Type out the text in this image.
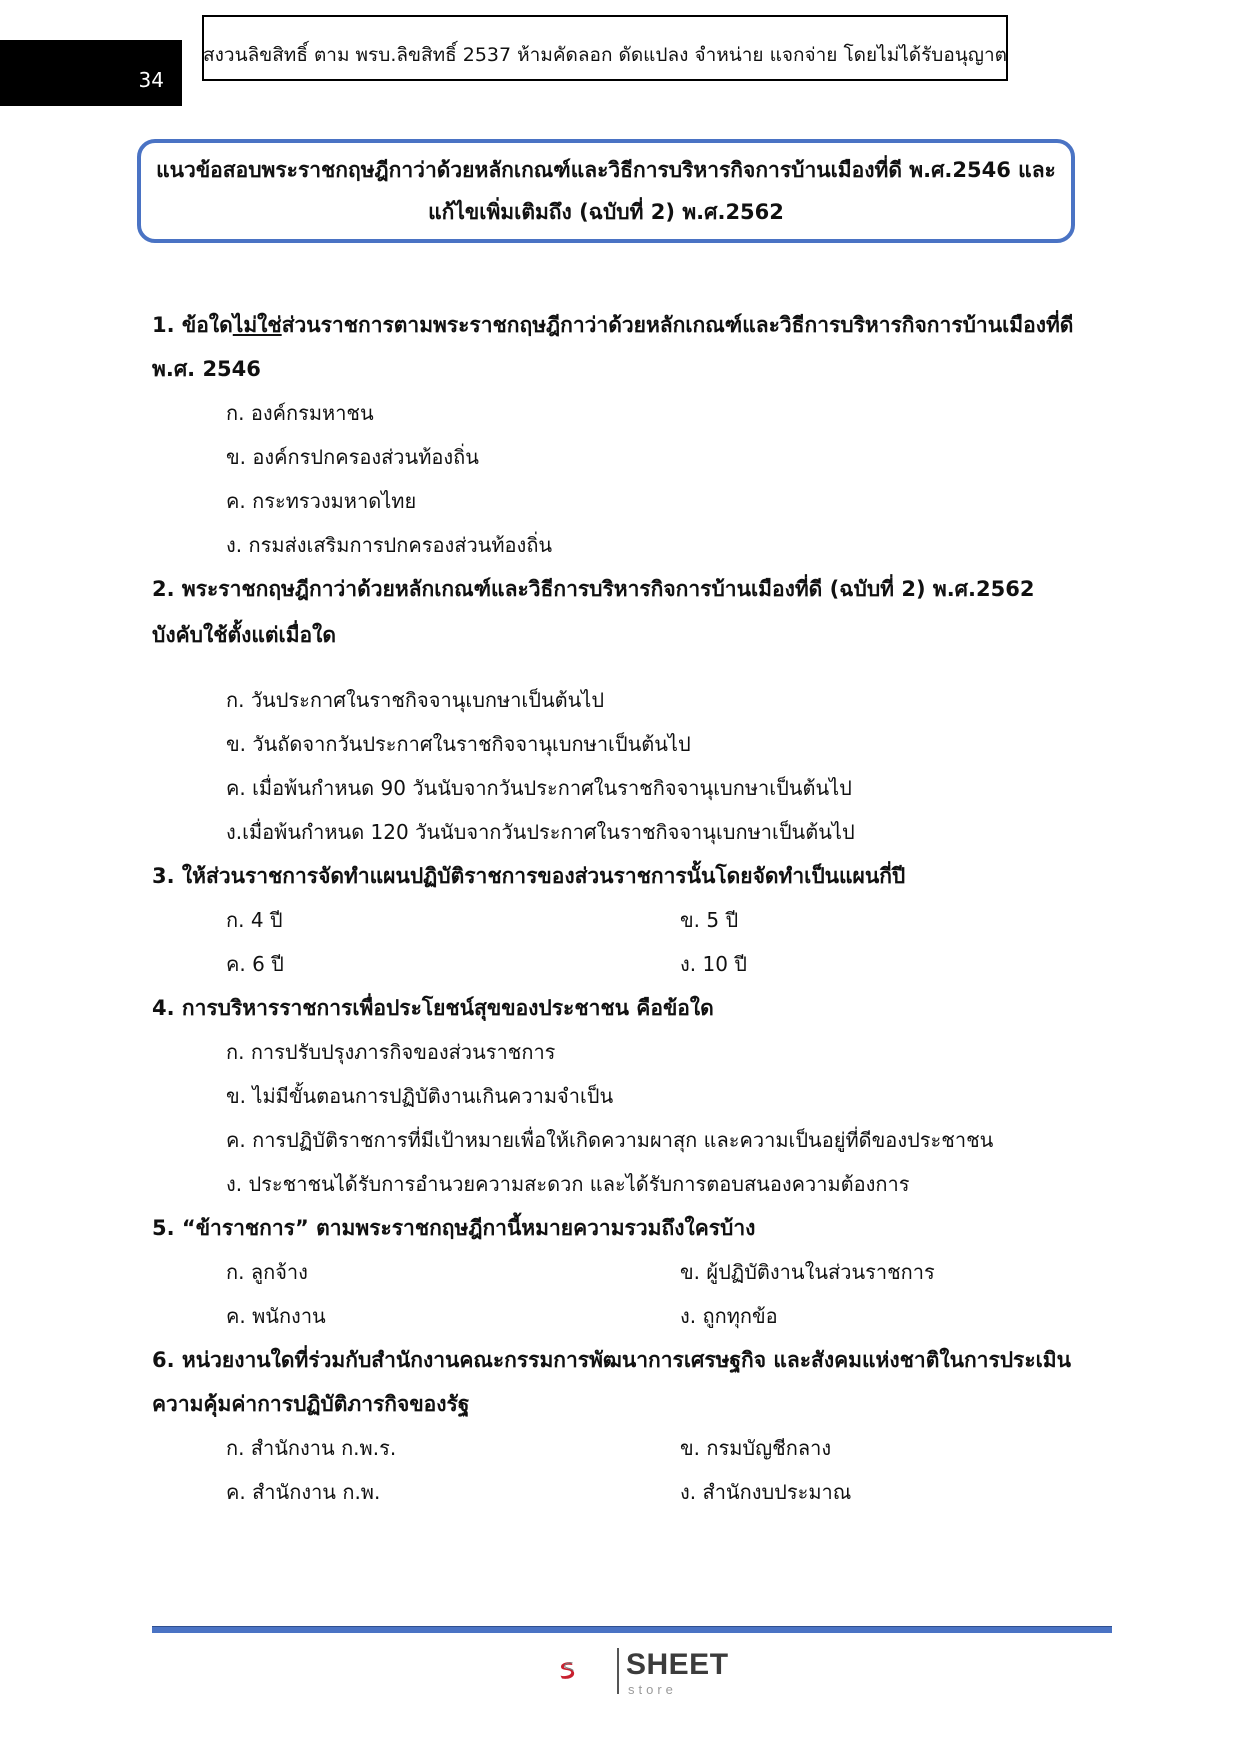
34
สงวนลิขสิทธิ์ ตาม พรบ.ลิขสิทธิ์ 2537 ห้ามคัดลอก ดัดแปลง จำหน่าย แจกจ่าย โดยไม่ได้รับอนุญาต
แนวข้อสอบพระราชกฤษฎีกาว่าด้วยหลักเกณฑ์และวิธีการบริหารกิจการบ้านเมืองที่ดี พ.ศ.2546 และ
แก้ไขเพิ่มเติมถึง (ฉบับที่ 2) พ.ศ.2562
1. ข้อใดไม่ใช่ส่วนราชการตามพระราชกฤษฎีกาว่าด้วยหลักเกณฑ์และวิธีการบริหารกิจการบ้านเมืองที่ดี
พ.ศ. 2546
ก. องค์กรมหาชน
ข. องค์กรปกครองส่วนท้องถิ่น
ค. กระทรวงมหาดไทย
ง. กรมส่งเสริมการปกครองส่วนท้องถิ่น
2. พระราชกฤษฎีกาว่าด้วยหลักเกณฑ์และวิธีการบริหารกิจการบ้านเมืองที่ดี (ฉบับที่ 2) พ.ศ.2562
บังคับใช้ตั้งแต่เมื่อใด
ก. วันประกาศในราชกิจจานุเบกษาเป็นต้นไป
ข. วันถัดจากวันประกาศในราชกิจจานุเบกษาเป็นต้นไป
ค. เมื่อพ้นกำหนด 90 วันนับจากวันประกาศในราชกิจจานุเบกษาเป็นต้นไป
ง.เมื่อพ้นกำหนด 120 วันนับจากวันประกาศในราชกิจจานุเบกษาเป็นต้นไป
3. ให้ส่วนราชการจัดทำแผนปฏิบัติราชการของส่วนราชการนั้นโดยจัดทำเป็นแผนกี่ปี
ก. 4 ปี	ข. 5 ปี
ค. 6 ปี	ง. 10 ปี
4. การบริหารราชการเพื่อประโยชน์สุขของประชาชน คือข้อใด
ก. การปรับปรุงภารกิจของส่วนราชการ
ข. ไม่มีขั้นตอนการปฏิบัติงานเกินความจำเป็น
ค. การปฏิบัติราชการที่มีเป้าหมายเพื่อให้เกิดความผาสุก และความเป็นอยู่ที่ดีของประชาชน
ง. ประชาชนได้รับการอำนวยความสะดวก และได้รับการตอบสนองความต้องการ
5. “ข้าราชการ” ตามพระราชกฤษฎีกานี้หมายความรวมถึงใครบ้าง
ก. ลูกจ้าง	ข. ผู้ปฏิบัติงานในส่วนราชการ
ค. พนักงาน	ง. ถูกทุกข้อ
6. หน่วยงานใดที่ร่วมกับสำนักงานคณะกรรมการพัฒนาการเศรษฐกิจ และสังคมแห่งชาติในการประเมิน
ความคุ้มค่าการปฏิบัติภารกิจของรัฐ
ก. สำนักงาน ก.พ.ร.	ข. กรมบัญชีกลาง
ค. สำนักงาน ก.พ.	ง. สำนักงบประมาณ
SHEET
store
